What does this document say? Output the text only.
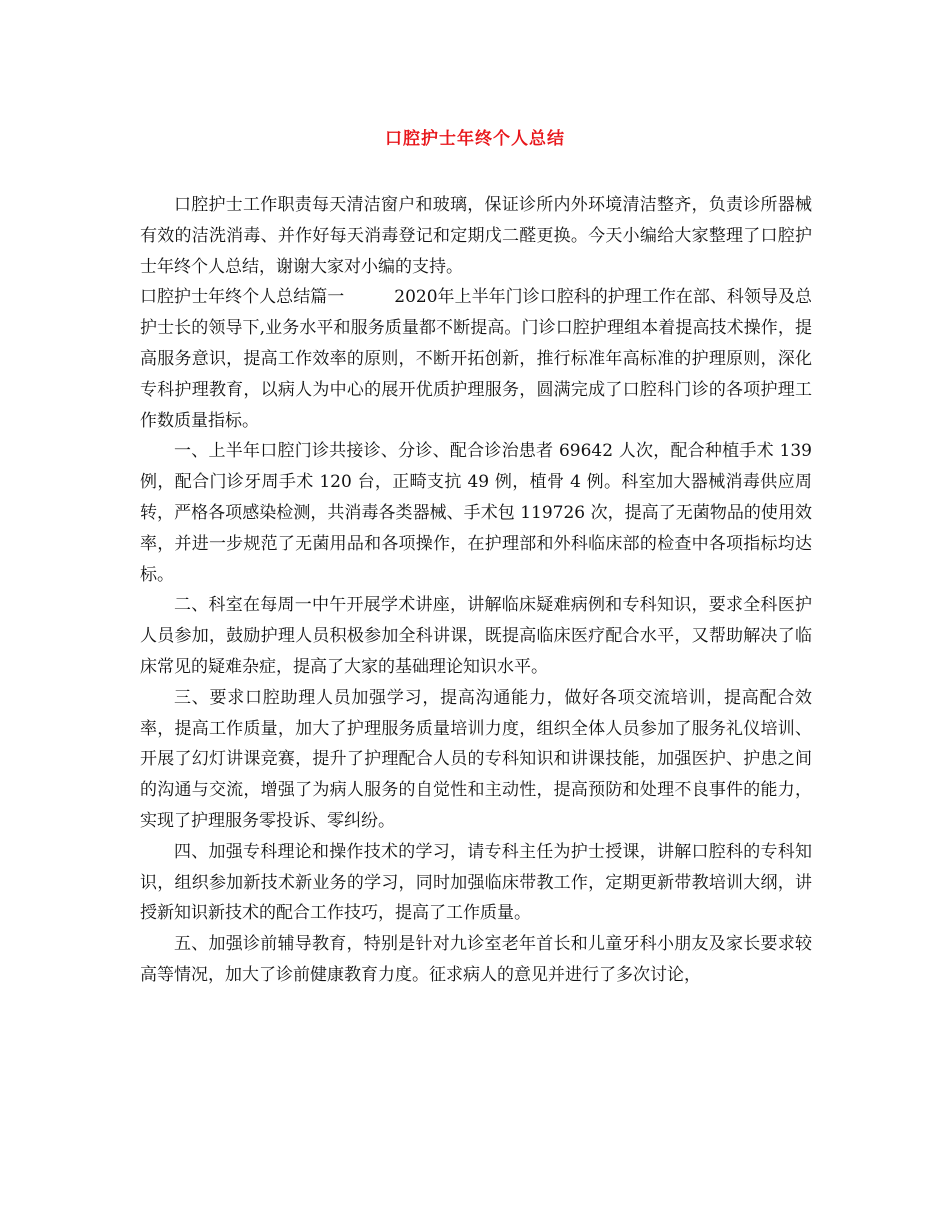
口腔护士年终个人总结

口腔护士工作职责每天清洁窗户和玻璃，保证诊所内外环境清洁整齐，负责诊所器械有效的洁洗消毒、并作好每天消毒登记和定期戊二醛更换。今天小编给大家整理了口腔护士年终个人总结，谢谢大家对小编的支持。

口腔护士年终个人总结篇一	2020年上半年门诊口腔科的护理工作在部、科领导及总护士长的领导下,业务水平和服务质量都不断提高。门诊口腔护理组本着提高技术操作，提高服务意识，提高工作效率的原则，不断开拓创新，推行标准年高标准的护理原则，深化专科护理教育，以病人为中心的展开优质护理服务，圆满完成了口腔科门诊的各项护理工作数质量指标。

一、上半年口腔门诊共接诊、分诊、配合诊治患者 69642 人次，配合种植手术 139 例，配合门诊牙周手术 120 台，正畸支抗 49 例，植骨 4 例。科室加大器械消毒供应周转，严格各项感染检测，共消毒各类器械、手术包 119726 次，提高了无菌物品的使用效率，并进一步规范了无菌用品和各项操作，在护理部和外科临床部的检查中各项指标均达标。

二、科室在每周一中午开展学术讲座，讲解临床疑难病例和专科知识，要求全科医护人员参加，鼓励护理人员积极参加全科讲课，既提高临床医疗配合水平，又帮助解决了临床常见的疑难杂症，提高了大家的基础理论知识水平。

三、要求口腔助理人员加强学习，提高沟通能力，做好各项交流培训，提高配合效率，提高工作质量，加大了护理服务质量培训力度，组织全体人员参加了服务礼仪培训、开展了幻灯讲课竞赛，提升了护理配合人员的专科知识和讲课技能，加强医护、护患之间的沟通与交流，增强了为病人服务的自觉性和主动性，提高预防和处理不良事件的能力，实现了护理服务零投诉、零纠纷。

四、加强专科理论和操作技术的学习，请专科主任为护士授课，讲解口腔科的专科知识，组织参加新技术新业务的学习，同时加强临床带教工作，定期更新带教培训大纲，讲授新知识新技术的配合工作技巧，提高了工作质量。

五、加强诊前辅导教育，特别是针对九诊室老年首长和儿童牙科小朋友及家长要求较高等情况，加大了诊前健康教育力度。征求病人的意见并进行了多次讨论，
